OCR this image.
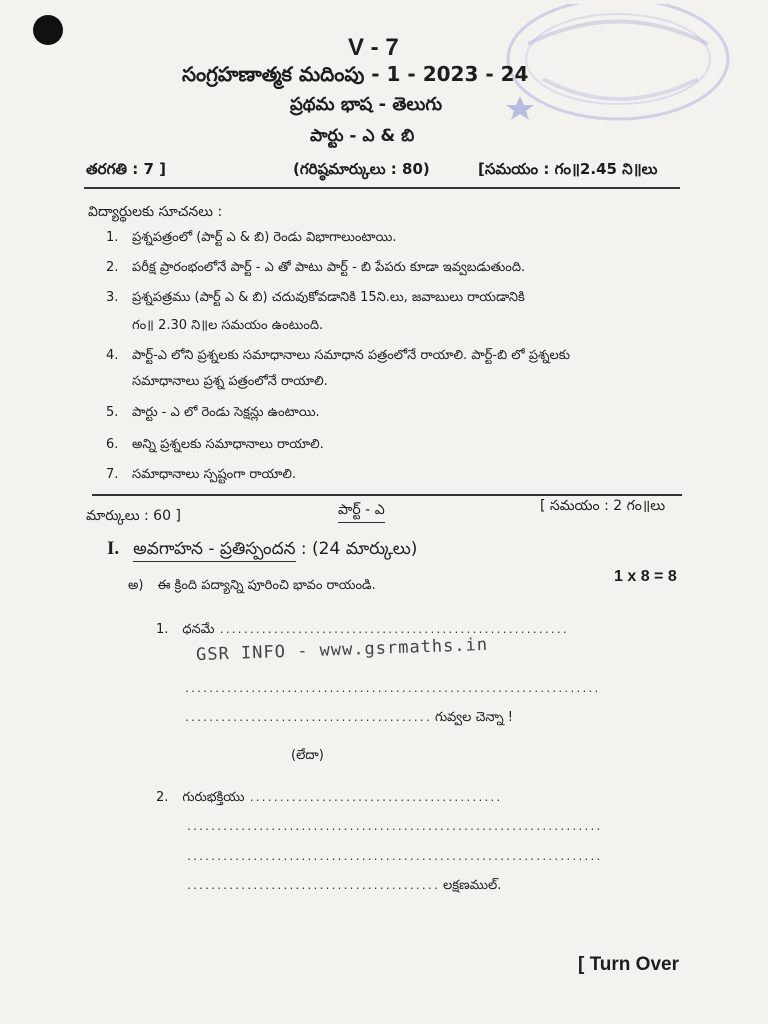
V - 7
సంగ్రహణాత్మక మదింపు - 1 - 2023 - 24
ప్రథమ భాష - తెలుగు
పార్టు - ఎ & బి
తరగతి : 7 ]	(గరిష్ఠమార్కులు : 80)	[సమయం : గం॥2.45 ని॥లు
విద్యార్థులకు సూచనలు :
1. ప్రశ్నపత్రంలో (పార్ట్ ఎ & బి) రెండు విభాగాలుంటాయి.
2. పరీక్ష ప్రారంభంలోనే పార్ట్ - ఎ తో పాటు పార్ట్ - బి పేపరు కూడా ఇవ్వబడుతుంది.
3. ప్రశ్నపత్రము (పార్ట్ ఎ & బి) చదువుకోవడానికి 15ని.లు, జవాబులు రాయడానికి
గం॥ 2.30 ని॥ల సమయం ఉంటుంది.
4. పార్ట్-ఎ లోని ప్రశ్నలకు సమాధానాలు సమాధాన పత్రంలోనే రాయాలి. పార్ట్-బి లో ప్రశ్నలకు
సమాధానాలు ప్రశ్న పత్రంలోనే రాయాలి.
5. పార్టు - ఎ లో రెండు సెక్షన్లు ఉంటాయి.
6. అన్ని ప్రశ్నలకు సమాధానాలు రాయాలి.
7. సమాధానాలు స్పష్టంగా రాయాలి.
మార్కులు : 60 ]	పార్ట్ - ఎ	[ సమయం : 2 గం॥లు
I. అవగాహన - ప్రతిస్పందన : (24 మార్కులు)
అ) ఈ క్రింది పద్యాన్ని పూరించి భావం రాయండి.
1 x 8 = 8
1. ధనమే ..........................................................
GSR INFO - www.gsrmaths.in
.....................................................................
......................................... గువ్వల చెన్నా !
(లేదా)
2. గురుభక్తియు ..........................................
.....................................................................
.....................................................................
.......................................... లక్షణముల్.
[ Turn Over
